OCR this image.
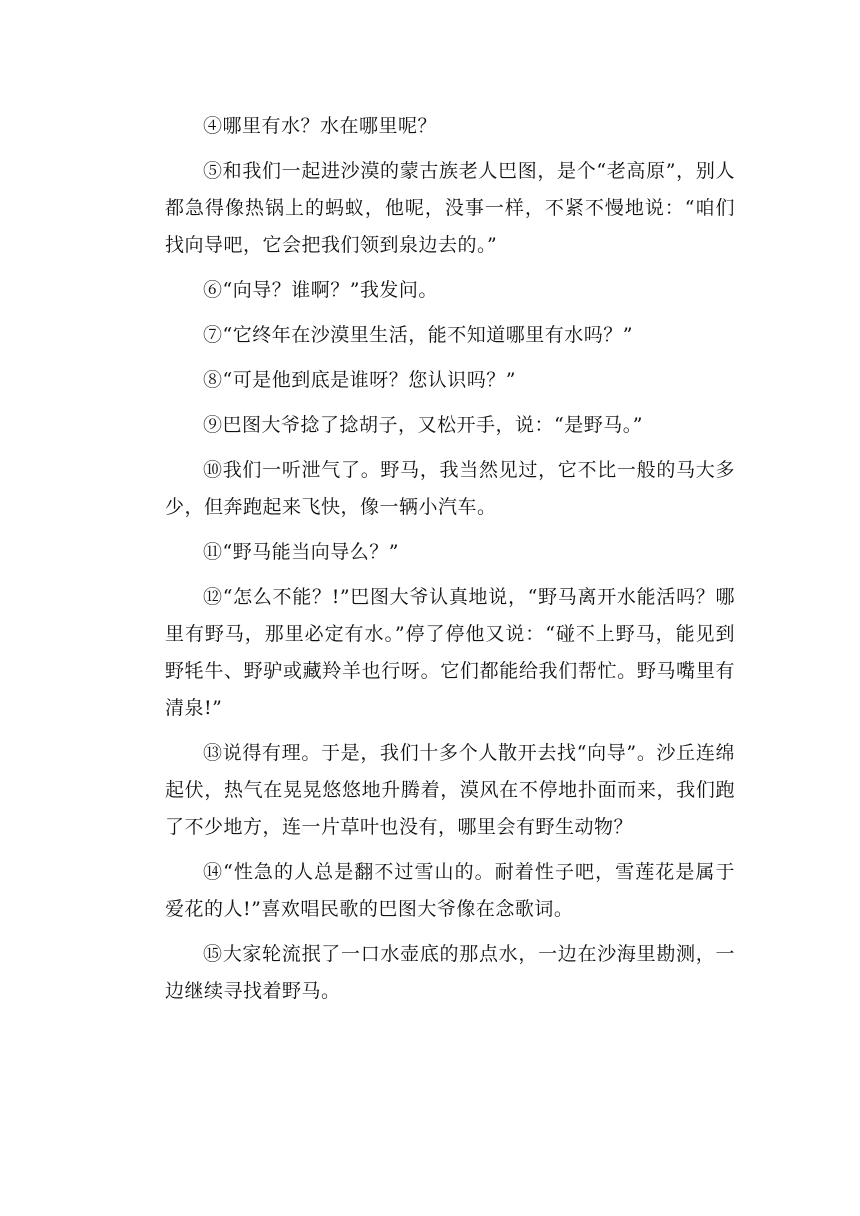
④哪里有水？水在哪里呢？

⑤和我们一起进沙漠的蒙古族老人巴图，是个“老高原”，别人都急得像热锅上的蚂蚁，他呢，没事一样，不紧不慢地说：“咱们找向导吧，它会把我们领到泉边去的。”

⑥“向导？谁啊？”我发问。

⑦“它终年在沙漠里生活，能不知道哪里有水吗？”

⑧“可是他到底是谁呀？您认识吗？”

⑨巴图大爷捻了捻胡子，又松开手，说：“是野马。”

⑩我们一听泄气了。野马，我当然见过，它不比一般的马大多少，但奔跑起来飞快，像一辆小汽车。

⑪“野马能当向导么？”

⑫“怎么不能？!”巴图大爷认真地说，“野马离开水能活吗？哪里有野马，那里必定有水。”停了停他又说：“碰不上野马，能见到野牦牛、野驴或藏羚羊也行呀。它们都能给我们帮忙。野马嘴里有清泉!”

⑬说得有理。于是，我们十多个人散开去找“向导”。沙丘连绵起伏，热气在晃晃悠悠地升腾着，漠风在不停地扑面而来，我们跑了不少地方，连一片草叶也没有，哪里会有野生动物？

⑭“性急的人总是翻不过雪山的。耐着性子吧，雪莲花是属于爱花的人!”喜欢唱民歌的巴图大爷像在念歌词。

⑮大家轮流抿了一口水壶底的那点水，一边在沙海里勘测，一边继续寻找着野马。
